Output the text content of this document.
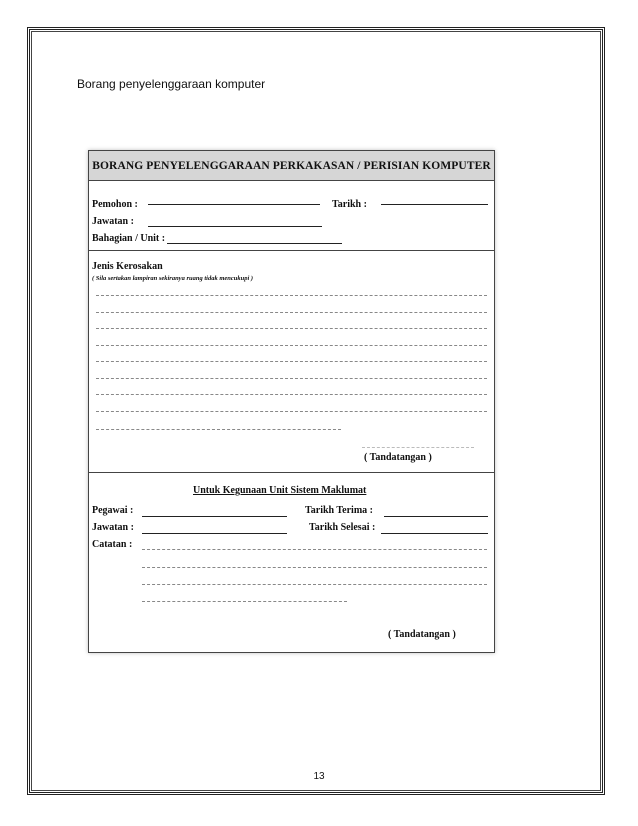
Borang penyelenggaraan komputer
BORANG PENYELENGGARAAN PERKAKASAN / PERISIAN KOMPUTER
Pemohon :	Tarikh :
Jawatan :
Bahagian / Unit :
Jenis Kerosakan
( Sila sertakan lampiran sekiranya ruang tidak mencukupi )
( Tandatangan )
Untuk Kegunaan Unit Sistem Maklumat
Pegawai :	Tarikh Terima :
Jawatan :	Tarikh Selesai :
Catatan :
( Tandatangan )
13
